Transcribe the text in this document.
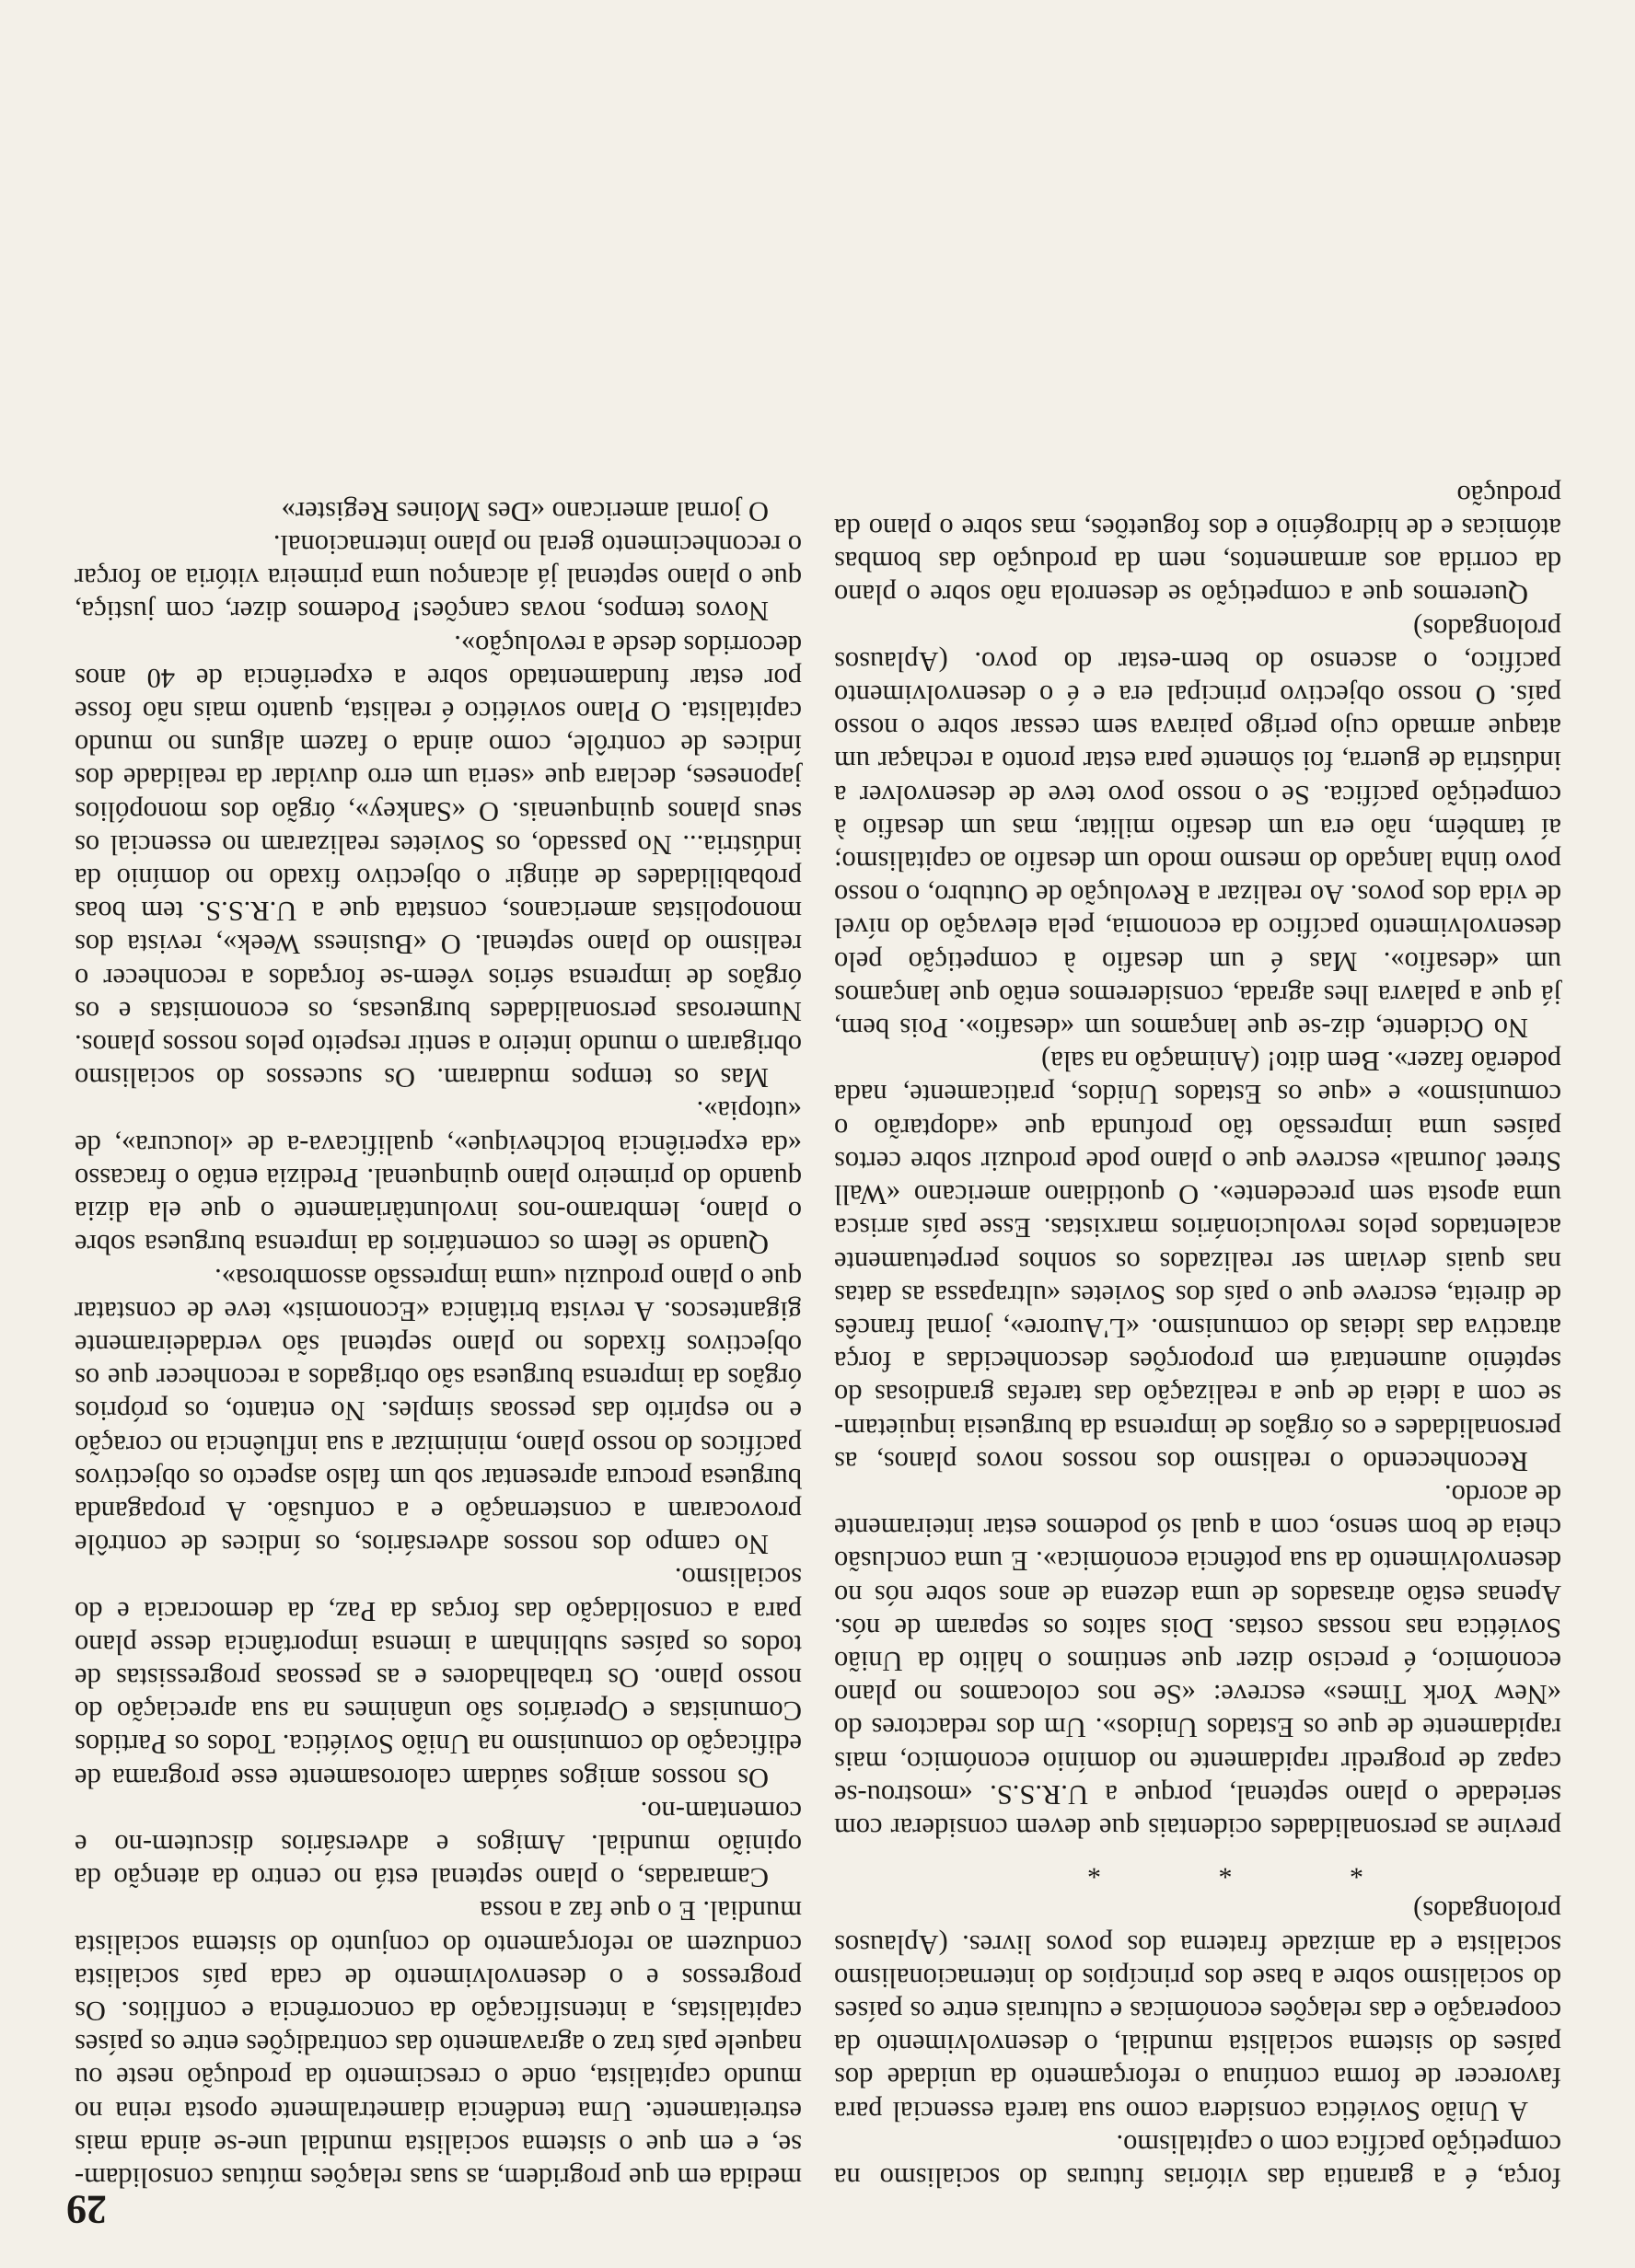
29

força, é a garantia das vitórias futuras do socialismo na competição pacífica com o capitalismo.

A União Soviética considera como sua tarefa essencial para favorecer de forma contínua o reforçamento da unidade dos países do sistema socialista mundial, o desenvolvimento da cooperação e das relações económicas e culturais entre os países do socialismo sobre a base dos princípios do internacionalismo socialista e da amizade fraterna dos povos livres. (Aplausos prolongados)

* * *

previne as personalidades ocidentais que devem considerar com seriedade o plano septenal, porque a U.R.S.S. «mostrou-se capaz de progredir rapidamente no domínio económico, mais rapidamente de que os Estados Unidos». Um dos redactores do «New York Times» escreve: «Se nos colocamos no plano económico, é preciso dizer que sentimos o hálito da União Soviética nas nossas costas. Dois saltos os separam de nós. Apenas estão atrasados de uma dezena de anos sobre nós no desenvolvimento da sua potência económica». E uma conclusão cheia de bom senso, com a qual só podemos estar inteiramente de acordo.

Reconhecendo o realismo dos nossos novos planos, as personalidades e os órgãos de imprensa da burguesia inquietam-se com a ideia de que a realização das tarefas grandiosas do septénio aumentará em proporções desconhecidas a força atractiva das ideias do comunismo. «L'Aurore», jornal francês de direita, escreve que o país dos Sovietes «ultrapassa as datas nas quais deviam ser realizados os sonhos perpetuamente acalentados pelos revolucionários marxistas. Esse país arrisca uma aposta sem precedente». O quotidiano americano «Wall Street Journal» escreve que o plano pode produzir sobre certos países uma impressão tão profunda que «adoptarão o comunismo» e «que os Estados Unidos, praticamente, nada poderão fazer». Bem dito! (Animação na sala)

No Ocidente, diz-se que lançamos um «desafio». Pois bem, já que a palavra lhes agrada, consideremos então que lançamos um «desafio». Mas é um desafio à competição pelo desenvolvimento pacífico da economia, pela elevação do nível de vida dos povos. Ao realizar a Revolução de Outubro, o nosso povo tinha lançado do mesmo modo um desafio ao capitalismo; aí também, não era um desafio militar, mas um desafio à competição pacífica. Se o nosso povo teve de desenvolver a indústria de guerra, foi sòmente para estar pronto a rechaçar um ataque armado cujo perigo pairava sem cessar sobre o nosso país. O nosso objectivo principal era e é o desenvolvimento pacífico, o ascenso do bem-estar do povo. (Aplausos prolongados)

Queremos que a competição se desenrola não sobre o plano da corrida aos armamentos, nem da produção das bombas atómicas e de hidrogénio e dos foguetões, mas sobre o plano da produção

medida em que progridem, as suas relações mútuas consolidam-se, e em que o sistema socialista mundial une-se ainda mais estreitamente. Uma tendência diametralmente oposta reina no mundo capitalista, onde o crescimento da produção neste ou naquele país traz o agravamento das contradições entre os países capitalistas, a intensificação da concorrência e conflitos. Os progressos e o desenvolvimento de cada país socialista conduzem ao reforçamento do conjunto do sistema socialista mundial. E o que faz a nossa

Camaradas, o plano septenal está no centro da atenção da opinião mundial. Amigos e adversários discutem-no e comentam-no.

Os nossos amigos saúdam calorosamente esse programa de edificação do comunismo na União Soviética. Todos os Partidos Comunistas e Operários são unânimes na sua apreciação do nosso plano. Os trabalhadores e as pessoas progressistas de todos os países sublinham a imensa importância desse plano para a consolidação das forças da Paz, da democracia e do socialismo.

No campo dos nossos adversários, os índices de contrôle provocaram a consternação e a confusão. A propaganda burguesa procura apresentar sob um falso aspecto os objectivos pacíficos do nosso plano, minimizar a sua influência no coração e no espírito das pessoas simples. No entanto, os próprios órgãos da imprensa burguesa são obrigados a reconhecer que os objectivos fixados no plano septenal são verdadeiramente gigantescos. A revista britânica «Economist» teve de constatar que o plano produziu «uma impressão assombrosa».

Quando se lêem os comentários da imprensa burguesa sobre o plano, lembramo-nos involuntàriamente o que ela dizia quando do primeiro plano quinquenal. Predizia então o fracasso «da experiência bolchevique», qualificava-a de «loucura», de «utopia».

Mas os tempos mudaram. Os sucessos do socialismo obrigaram o mundo inteiro a sentir respeito pelos nossos planos. Numerosas personalidades burguesas, os economistas e os órgãos de imprensa sérios vêem-se forçados a reconhecer o realismo do plano septenal. O «Business Week», revista dos monopolistas americanos, constata que a U.R.S.S. tem boas probabilidades de atingir o objectivo fixado no domínio da indústria... No passado, os Sovietes realizaram no essencial os seus planos quinquenais. O «Sankey», órgão dos monopólios japoneses, declara que «seria um erro duvidar da realidade dos índices de contrôle, como ainda o fazem alguns no mundo capitalista. O Plano soviético é realista, quanto mais não fosse por estar fundamentado sobre a experiência de 40 anos decorridos desde a revolução».

Novos tempos, novas canções! Podemos dizer, com justiça, que o plano septenal já alcançou uma primeira vitória ao forçar o reconhecimento geral no plano internacional.

O jornal americano «Des Moines Register»
